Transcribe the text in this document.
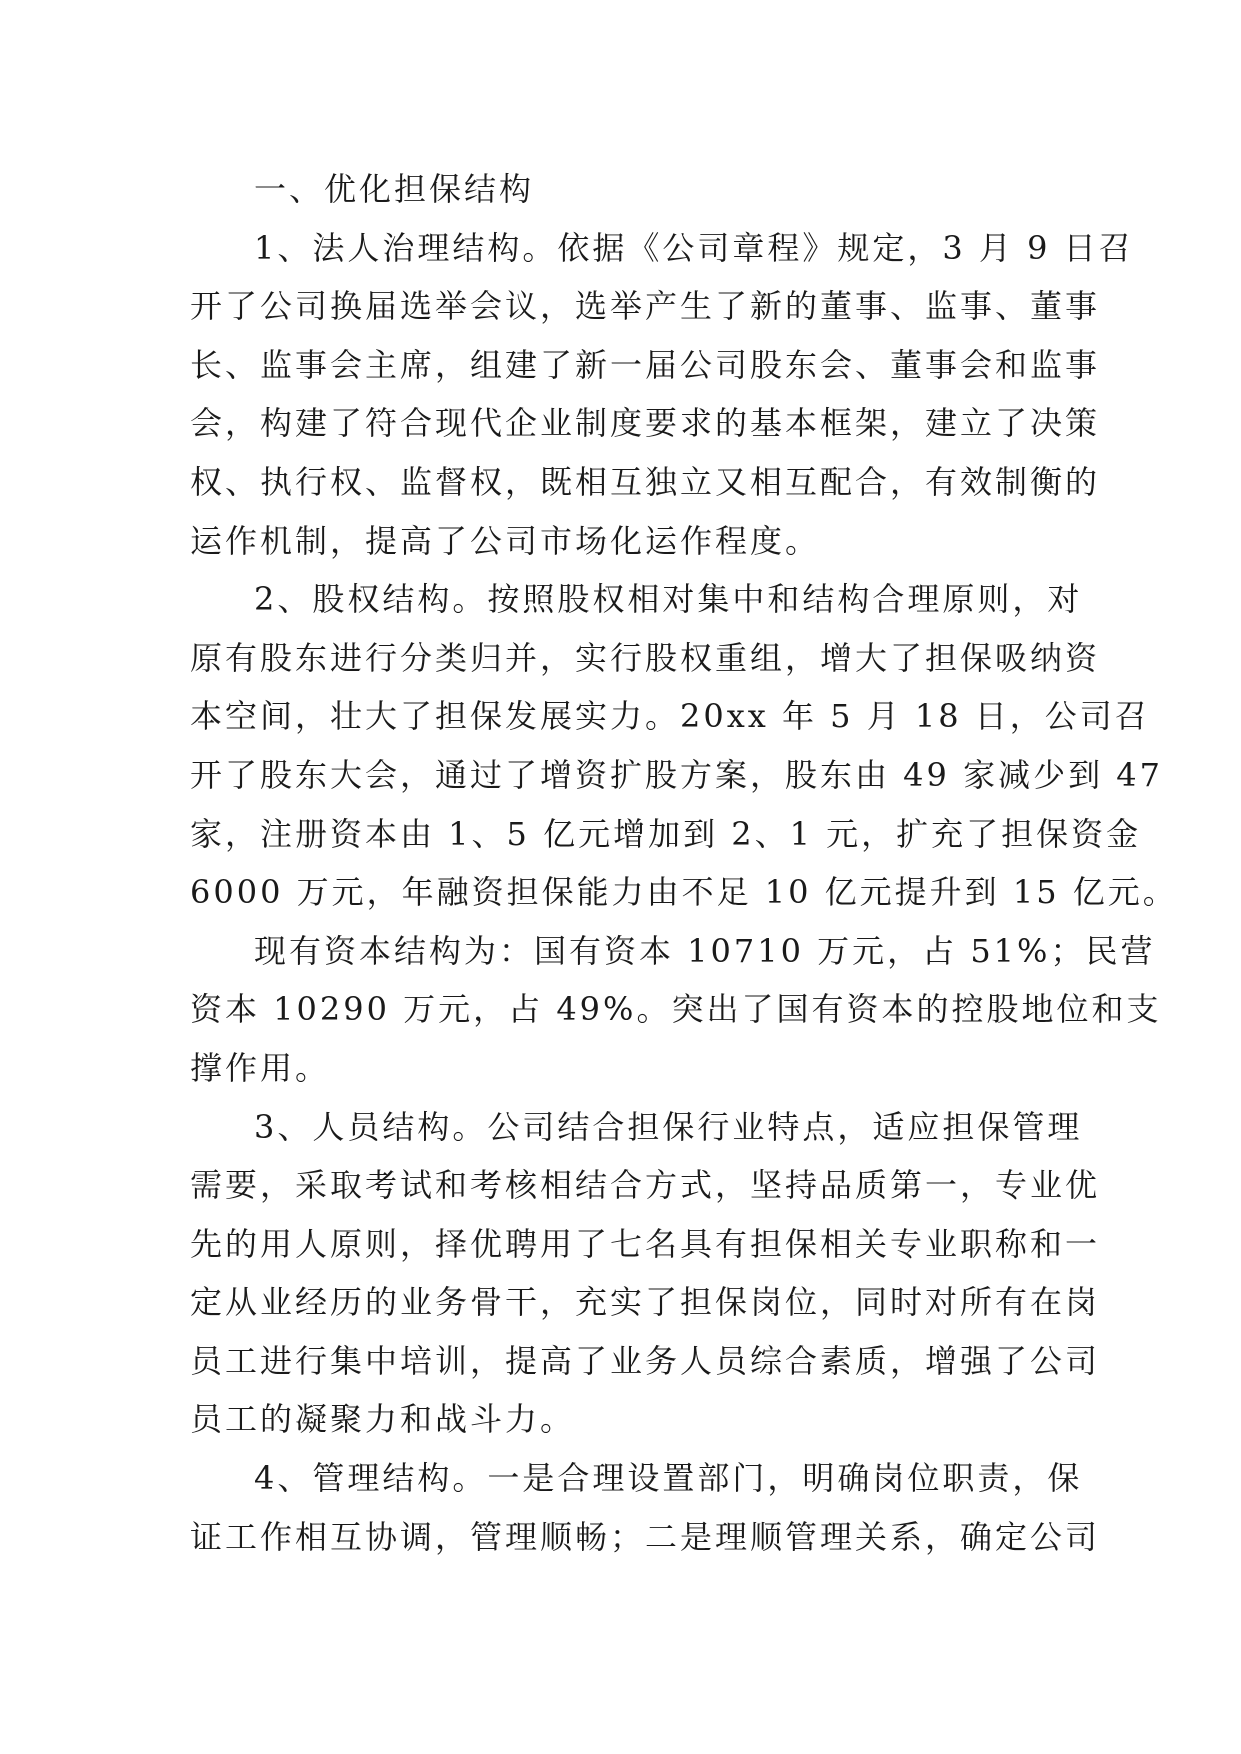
一、优化担保结构
1、法人治理结构。依据《公司章程》规定，3 月 9 日召
开了公司换届选举会议，选举产生了新的董事、监事、董事
长、监事会主席，组建了新一届公司股东会、董事会和监事
会，构建了符合现代企业制度要求的基本框架，建立了决策
权、执行权、监督权，既相互独立又相互配合，有效制衡的
运作机制，提高了公司市场化运作程度。
2、股权结构。按照股权相对集中和结构合理原则，对
原有股东进行分类归并，实行股权重组，增大了担保吸纳资
本空间，壮大了担保发展实力。20xx 年 5 月 18 日，公司召
开了股东大会，通过了增资扩股方案，股东由 49 家减少到 47
家，注册资本由 1、5 亿元增加到 2、1 元，扩充了担保资金
6000 万元，年融资担保能力由不足 10 亿元提升到 15 亿元。
现有资本结构为：国有资本 10710 万元，占 51%；民营
资本 10290 万元，占 49%。突出了国有资本的控股地位和支
撑作用。
3、人员结构。公司结合担保行业特点，适应担保管理
需要，采取考试和考核相结合方式，坚持品质第一，专业优
先的用人原则，择优聘用了七名具有担保相关专业职称和一
定从业经历的业务骨干，充实了担保岗位，同时对所有在岗
员工进行集中培训，提高了业务人员综合素质，增强了公司
员工的凝聚力和战斗力。
4、管理结构。一是合理设置部门，明确岗位职责，保
证工作相互协调，管理顺畅；二是理顺管理关系，确定公司
